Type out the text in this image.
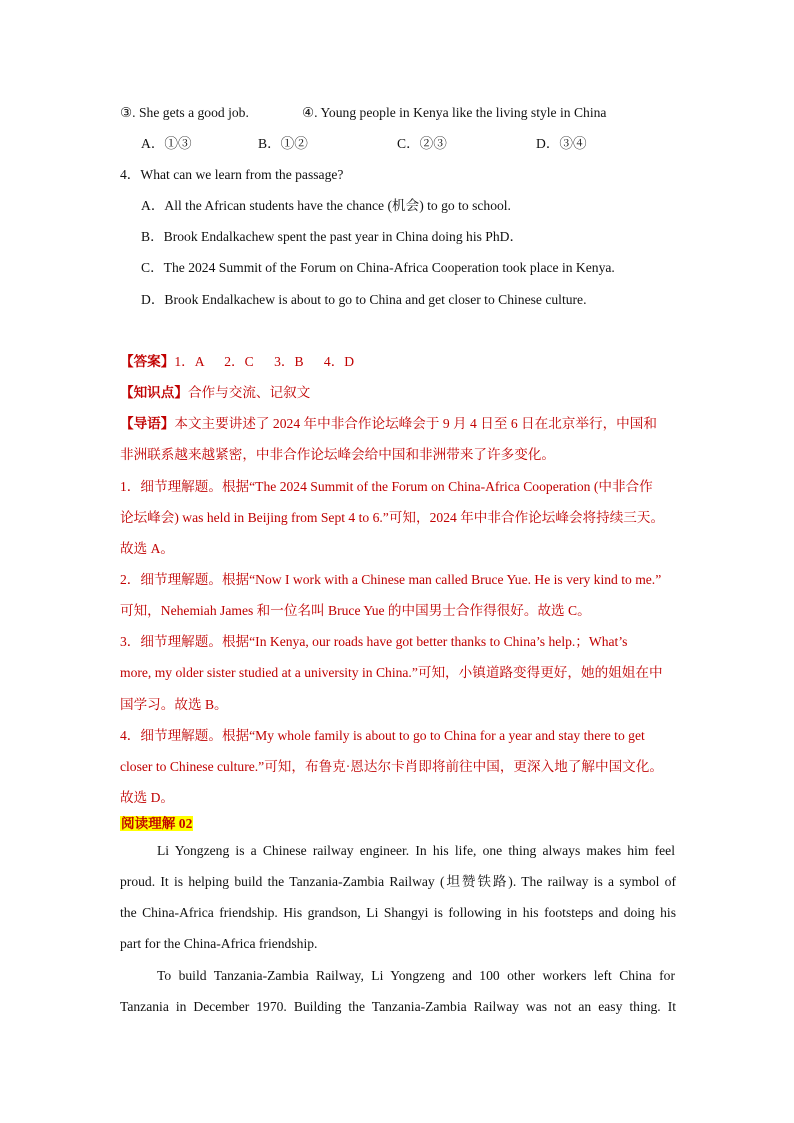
③. She gets a good job.	④. Young people in Kenya like the living style in China
A．①③	B．①②	C．②③	D．③④
4．What can we learn from the passage?
A．All the African students have the chance (机会) to go to school.
B．Brook Endalkachew spent the past year in China doing his PhD．
C．The 2024 Summit of the Forum on China-Africa Cooperation took place in Kenya.
D．Brook Endalkachew is about to go to China and get closer to Chinese culture.
【答案】1．A      2．C      3．B      4．D
【知识点】合作与交流、记叙文
【导语】本文主要讲述了 2024 年中非合作论坛峰会于 9 月 4 日至 6 日在北京举行，中国和
非洲联系越来越紧密，中非合作论坛峰会给中国和非洲带来了许多变化。
1．细节理解题。根据“The 2024 Summit of the Forum on China-Africa Cooperation (中非合作
论坛峰会) was held in Beijing from Sept 4 to 6.”可知，2024 年中非合作论坛峰会将持续三天。
故选 A。
2．细节理解题。根据“Now I work with a Chinese man called Bruce Yue. He is very kind to me.”
可知，Nehemiah James 和一位名叫 Bruce Yue 的中国男士合作得很好。故选 C。
3．细节理解题。根据“In Kenya, our roads have got better thanks to China’s help.；What’s
more, my older sister studied at a university in China.”可知，小镇道路变得更好，她的姐姐在中
国学习。故选 B。
4．细节理解题。根据“My whole family is about to go to China for a year and stay there to get
closer to Chinese culture.”可知，布鲁克·恩达尔卡肖即将前往中国，更深入地了解中国文化。
故选 D。
阅读理解 02
Li Yongzeng is a Chinese railway engineer. In his life, one thing always makes him feel
proud. It is helping build the Tanzania-Zambia Railway (坦赞铁路). The railway is a symbol of
the China-Africa friendship. His grandson, Li Shangyi is following in his footsteps and doing his
part for the China-Africa friendship.
To build Tanzania-Zambia Railway, Li Yongzeng and 100 other workers left China for
Tanzania in December 1970. Building the Tanzania-Zambia Railway was not an easy thing. It
